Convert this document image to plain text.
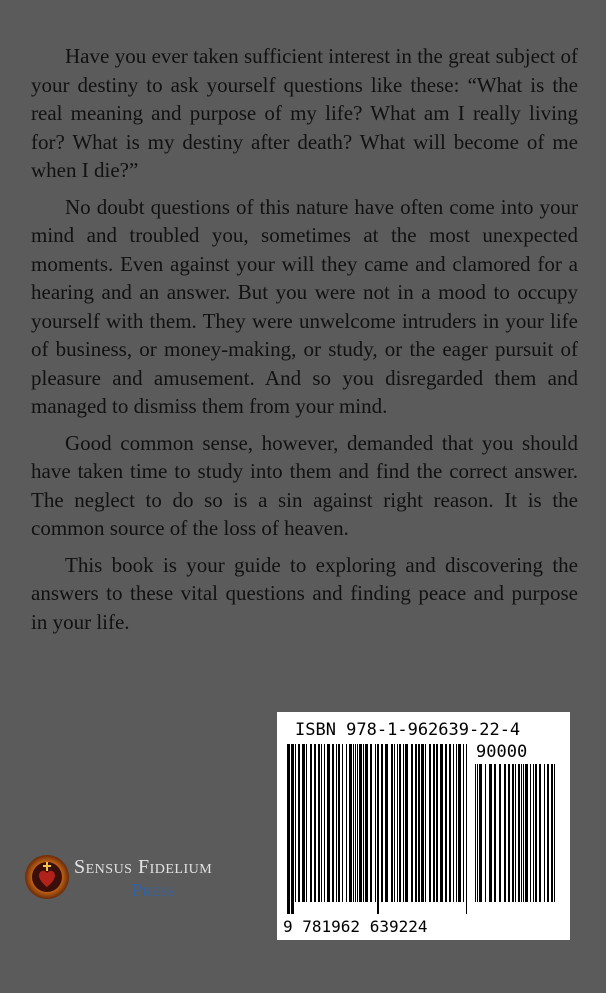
Have you ever taken sufficient interest in the great subject of your destiny to ask yourself questions like these: “What is the real meaning and purpose of my life? What am I really living for? What is my destiny after death? What will become of me when I die?”

No doubt questions of this nature have often come into your mind and troubled you, sometimes at the most unexpected moments. Even against your will they came and clamored for a hearing and an answer. But you were not in a mood to occupy yourself with them. They were unwelcome intruders in your life of business, or money-making, or study, or the eager pursuit of pleasure and amusement. And so you disregarded them and managed to dismiss them from your mind.

Good common sense, however, demanded that you should have taken time to study into them and find the correct answer. The neglect to do so is a sin against right reason. It is the common source of the loss of heaven.

This book is your guide to exploring and discovering the answers to these vital questions and finding peace and purpose in your life.

Sensus Fidelium
Press
ISBN 978-1-962639-22-4
90000
9 781962 639224
